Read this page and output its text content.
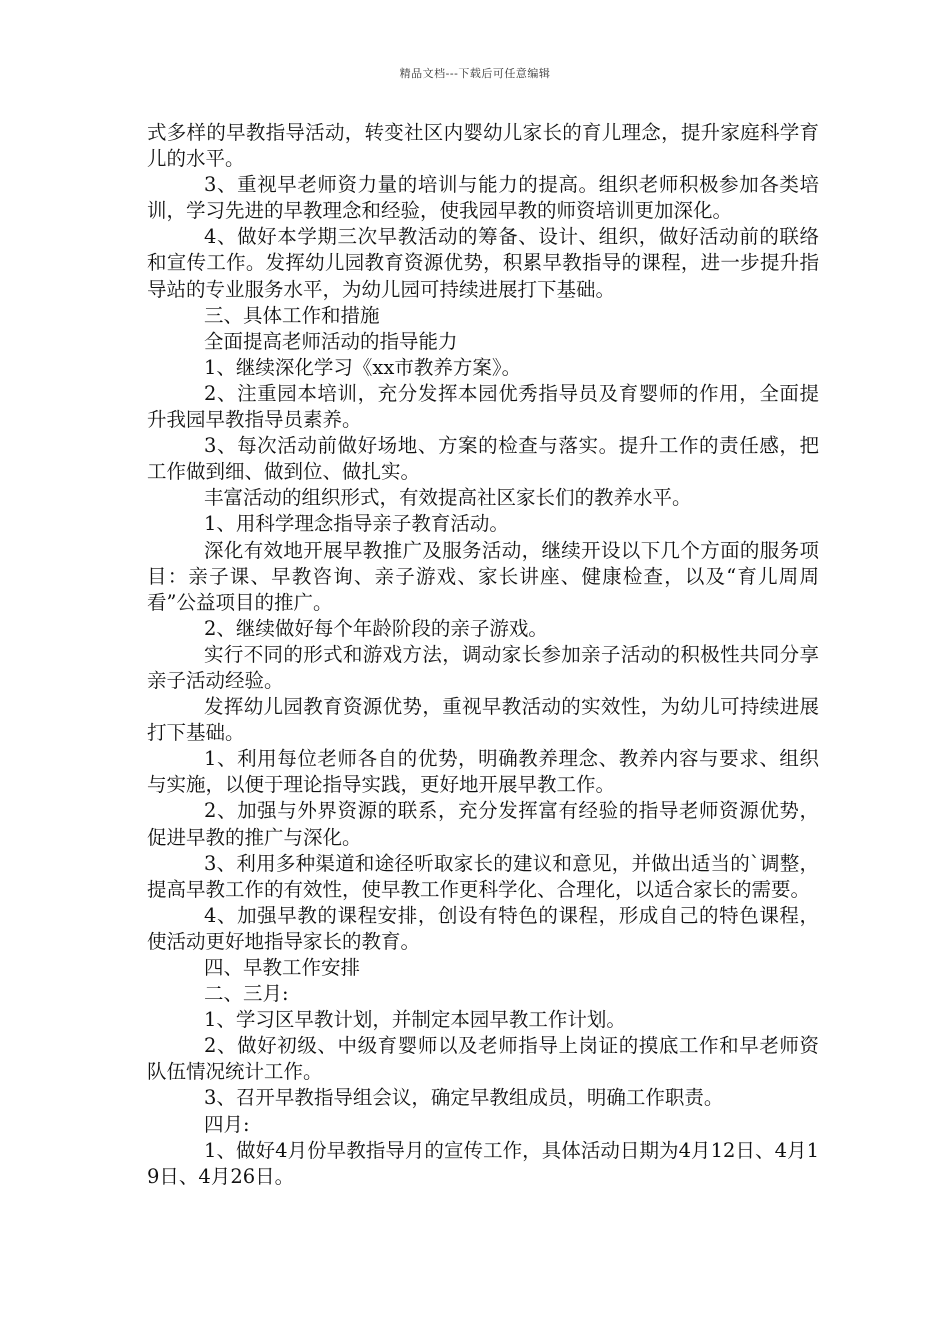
精品文档---下载后可任意编辑

式多样的早教指导活动，转变社区内婴幼儿家长的育儿理念，提升家庭科学育儿的水平。

3、重视早老师资力量的培训与能力的提高。组织老师积极参加各类培训，学习先进的早教理念和经验，使我园早教的师资培训更加深化。

4、做好本学期三次早教活动的筹备、设计、组织，做好活动前的联络和宣传工作。发挥幼儿园教育资源优势，积累早教指导的课程，进一步提升指导站的专业服务水平，为幼儿园可持续进展打下基础。

三、具体工作和措施

全面提高老师活动的指导能力

1、继续深化学习《xx市教养方案》。

2、注重园本培训，充分发挥本园优秀指导员及育婴师的作用，全面提升我园早教指导员素养。

3、每次活动前做好场地、方案的检查与落实。提升工作的责任感，把工作做到细、做到位、做扎实。

丰富活动的组织形式，有效提高社区家长们的教养水平。

1、用科学理念指导亲子教育活动。

深化有效地开展早教推广及服务活动，继续开设以下几个方面的服务项目：亲子课、早教咨询、亲子游戏、家长讲座、健康检查，以及“育儿周周看”公益项目的推广。

2、继续做好每个年龄阶段的亲子游戏。

实行不同的形式和游戏方法，调动家长参加亲子活动的积极性共同分享亲子活动经验。

发挥幼儿园教育资源优势，重视早教活动的实效性，为幼儿可持续进展打下基础。

1、利用每位老师各自的优势，明确教养理念、教养内容与要求、组织与实施，以便于理论指导实践，更好地开展早教工作。

2、加强与外界资源的联系，充分发挥富有经验的指导老师资源优势，促进早教的推广与深化。

3、利用多种渠道和途径听取家长的建议和意见，并做出适当的`调整，提高早教工作的有效性，使早教工作更科学化、合理化，以适合家长的需要。

4、加强早教的课程安排，创设有特色的课程，形成自己的特色课程，使活动更好地指导家长的教育。

四、早教工作安排

二、三月:

1、学习区早教计划，并制定本园早教工作计划。

2、做好初级、中级育婴师以及老师指导上岗证的摸底工作和早老师资队伍情况统计工作。

3、召开早教指导组会议，确定早教组成员，明确工作职责。

四月:

1、做好4月份早教指导月的宣传工作，具体活动日期为4月12日、4月19日、4月26日。
